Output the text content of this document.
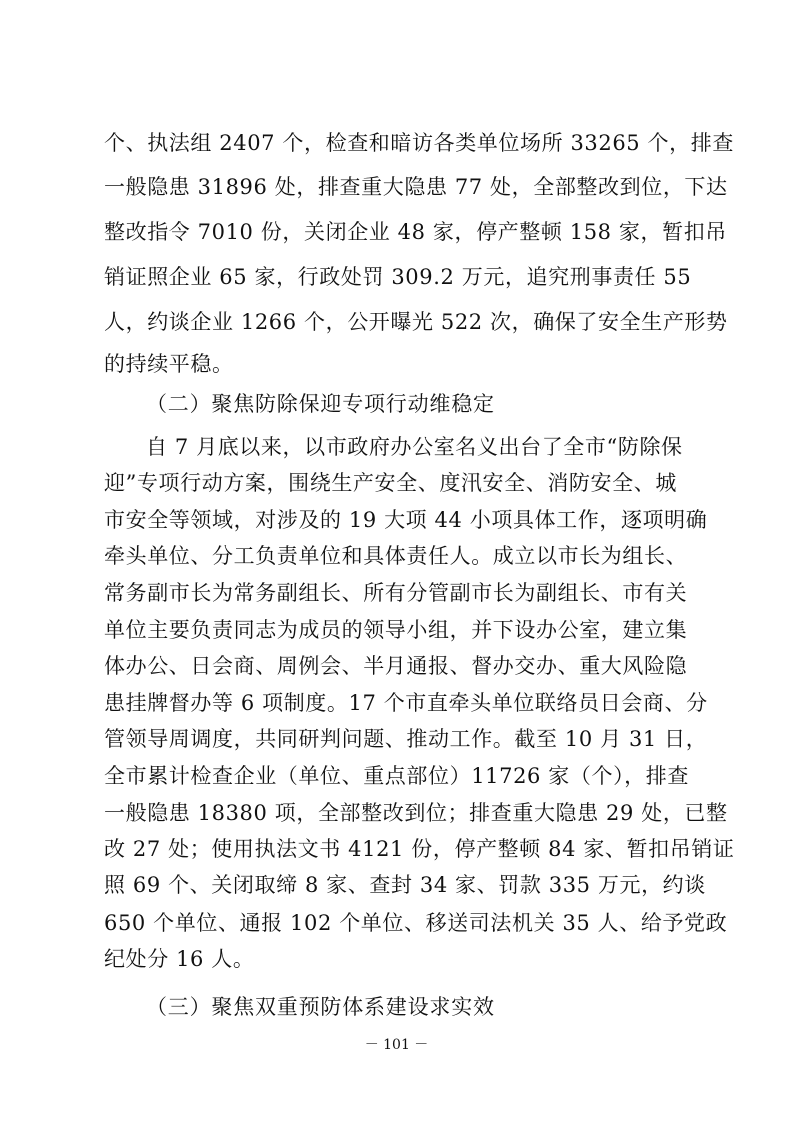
个、执法组 2407 个，检查和暗访各类单位场所 33265 个，排查
一般隐患 31896 处，排查重大隐患 77 处，全部整改到位，下达
整改指令 7010 份，关闭企业 48 家，停产整顿 158 家，暂扣吊
销证照企业 65 家，行政处罚 309.2 万元，追究刑事责任 55
人，约谈企业 1266 个，公开曝光 522 次，确保了安全生产形势
的持续平稳。
（二）聚焦防除保迎专项行动维稳定
自 7 月底以来，以市政府办公室名义出台了全市“防除保
迎”专项行动方案，围绕生产安全、度汛安全、消防安全、城
市安全等领域，对涉及的 19 大项 44 小项具体工作，逐项明确
牵头单位、分工负责单位和具体责任人。成立以市长为组长、
常务副市长为常务副组长、所有分管副市长为副组长、市有关
单位主要负责同志为成员的领导小组，并下设办公室，建立集
体办公、日会商、周例会、半月通报、督办交办、重大风险隐
患挂牌督办等 6 项制度。17 个市直牵头单位联络员日会商、分
管领导周调度，共同研判问题、推动工作。截至 10 月 31 日，
全市累计检查企业（单位、重点部位）11726 家（个），排查
一般隐患 18380 项，全部整改到位；排查重大隐患 29 处，已整
改 27 处；使用执法文书 4121 份，停产整顿 84 家、暂扣吊销证
照 69 个、关闭取缔 8 家、查封 34 家、罚款 335 万元，约谈
650 个单位、通报 102 个单位、移送司法机关 35 人、给予党政
纪处分 16 人。
（三）聚焦双重预防体系建设求实效
－ 101 －
